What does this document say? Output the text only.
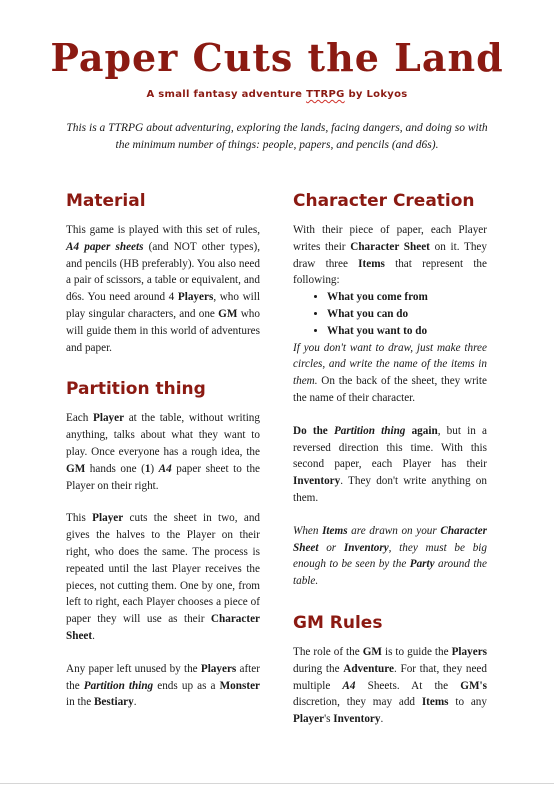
Paper Cuts the Land
A small fantasy adventure TTRPG by Lokyos
This is a TTRPG about adventuring, exploring the lands, facing dangers, and doing so with the minimum number of things: people, papers, and pencils (and d6s).
Material

This game is played with this set of rules, A4 paper sheets (and NOT other types), and pencils (HB preferably). You also need a pair of scissors, a table or equivalent, and d6s. You need around 4 Players, who will play singular characters, and one GM who will guide them in this world of adventures and paper.

Partition thing

Each Player at the table, without writing anything, talks about what they want to play. Once everyone has a rough idea, the GM hands one (1) A4 paper sheet to the Player on their right.

This Player cuts the sheet in two, and gives the halves to the Player on their right, who does the same. The process is repeated until the last Player receives the pieces, not cutting them. One by one, from left to right, each Player chooses a piece of paper they will use as their Character Sheet.

Any paper left unused by the Players after the Partition thing ends up as a Monster in the Bestiary.

Character Creation

With their piece of paper, each Player writes their Character Sheet on it. They draw three Items that represent the following:

• What you come from
• What you can do
• What you want to do

If you don't want to draw, just make three circles, and write the name of the items in them. On the back of the sheet, they write the name of their character.

Do the Partition thing again, but in a reversed direction this time. With this second paper, each Player has their Inventory. They don't write anything on them.

When Items are drawn on your Character Sheet or Inventory, they must be big enough to be seen by the Party around the table.

GM Rules

The role of the GM is to guide the Players during the Adventure. For that, they need multiple A4 Sheets. At the GM's discretion, they may add Items to any Player's Inventory.
